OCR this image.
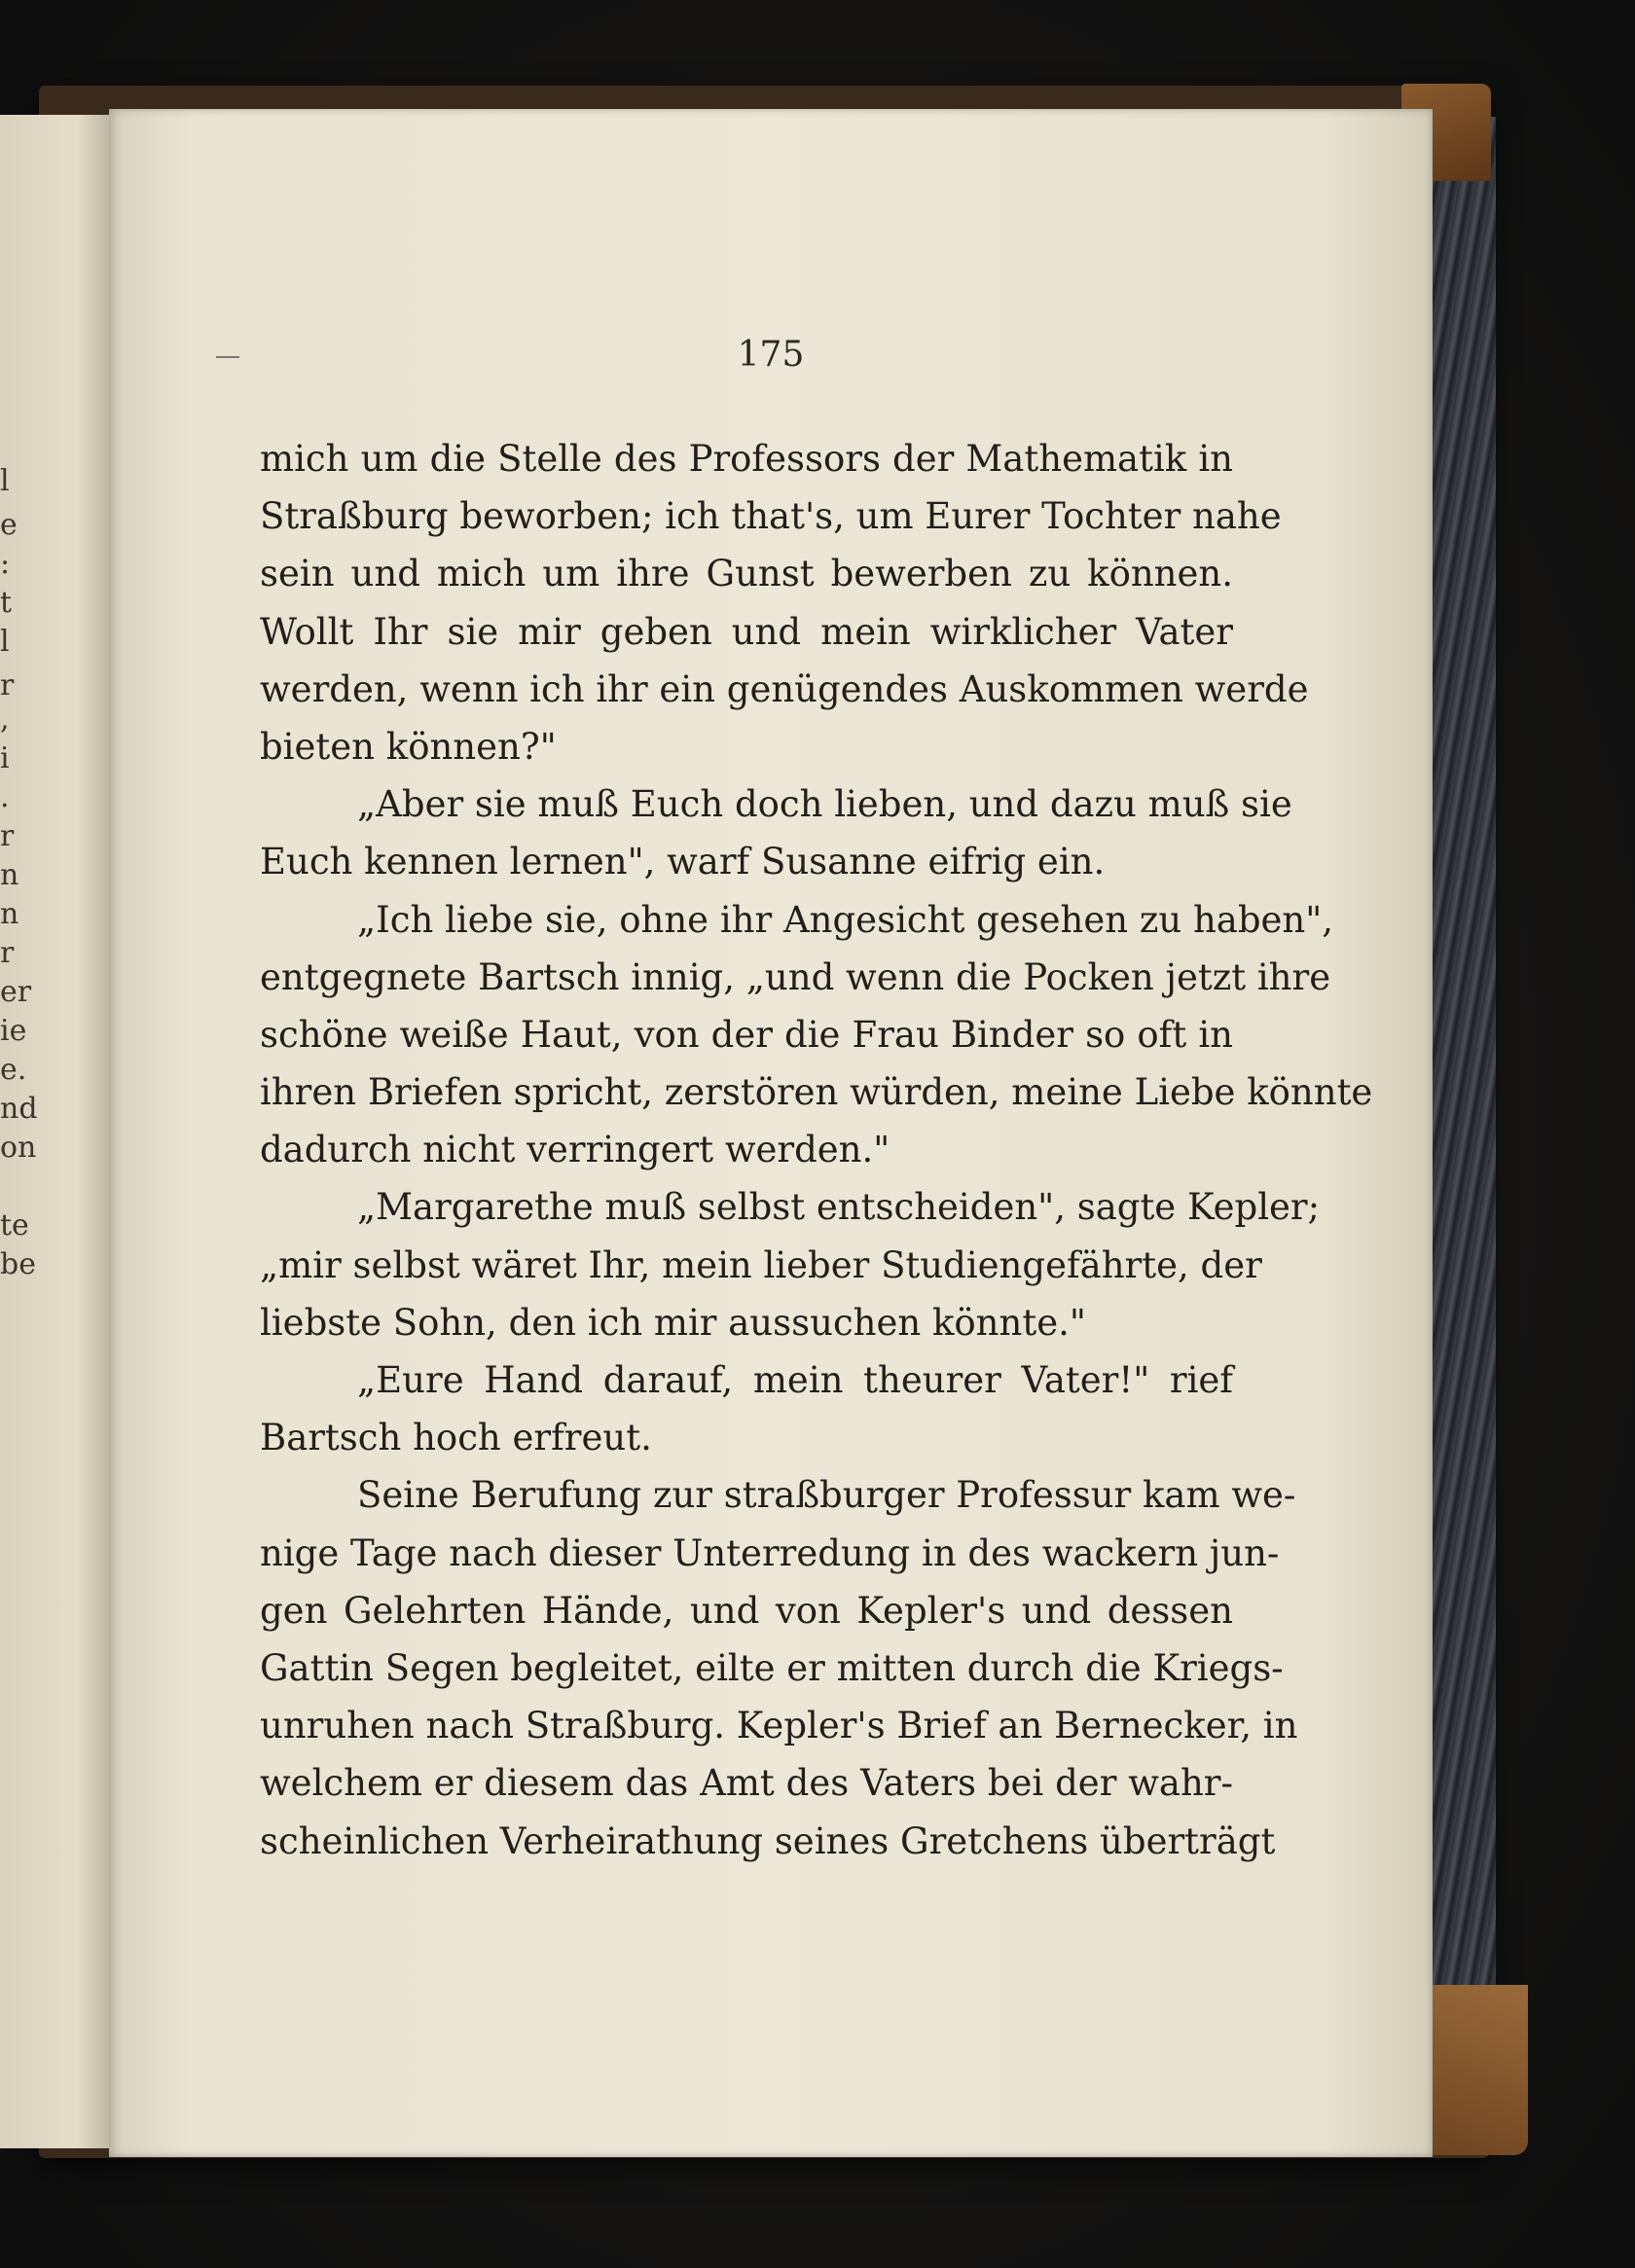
l
e
:
t
l
r
,
i
.
r
n
n
r
er
ie
e.
nd
on
te
be
175
mich um die Stelle des Professors der Mathematik in
Straßburg beworben; ich that's, um Eurer Tochter nahe
sein und mich um ihre Gunst bewerben zu können.
Wollt Ihr sie mir geben und mein wirklicher Vater
werden, wenn ich ihr ein genügendes Auskommen werde
bieten können?"
„Aber sie muß Euch doch lieben, und dazu muß sie
Euch kennen lernen", warf Susanne eifrig ein.
„Ich liebe sie, ohne ihr Angesicht gesehen zu haben",
entgegnete Bartsch innig, „und wenn die Pocken jetzt ihre
schöne weiße Haut, von der die Frau Binder so oft in
ihren Briefen spricht, zerstören würden, meine Liebe könnte
dadurch nicht verringert werden."
„Margarethe muß selbst entscheiden", sagte Kepler;
„mir selbst wäret Ihr, mein lieber Studiengefährte, der
liebste Sohn, den ich mir aussuchen könnte."
„Eure Hand darauf, mein theurer Vater!" rief
Bartsch hoch erfreut.
Seine Berufung zur straßburger Professur kam we-
nige Tage nach dieser Unterredung in des wackern jun-
gen Gelehrten Hände, und von Kepler's und dessen
Gattin Segen begleitet, eilte er mitten durch die Kriegs-
unruhen nach Straßburg. Kepler's Brief an Bernecker, in
welchem er diesem das Amt des Vaters bei der wahr-
scheinlichen Verheirathung seines Gretchens überträgt
